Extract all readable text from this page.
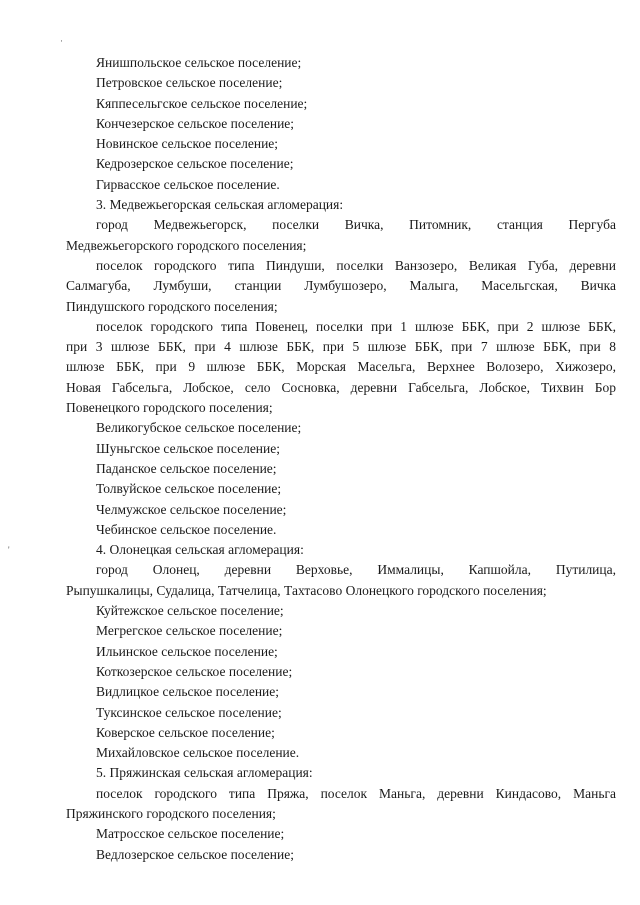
·
'
Янишпольское сельское поселение;
Петровское сельское поселение;
Кяппесельгское сельское поселение;
Кончезерское сельское поселение;
Новинское сельское поселение;
Кедрозерское сельское поселение;
Гирвасское сельское поселение.
3. Медвежьегорская сельская агломерация:
город Медвежьегорск, поселки Вичка, Питомник, станция Пергуба
Медвежьегорского городского поселения;
поселок городского типа Пиндуши, поселки Ванзозеро, Великая Губа, деревни
Салмагуба, Лумбуши, станции Лумбушозеро, Малыга, Масельгская, Вичка
Пиндушского городского поселения;
поселок городского типа Повенец, поселки при 1 шлюзе ББК, при 2 шлюзе ББК,
при 3 шлюзе ББК, при 4 шлюзе ББК, при 5 шлюзе ББК, при 7 шлюзе ББК, при 8
шлюзе ББК, при 9 шлюзе ББК, Морская Масельга, Верхнее Волозеро, Хижозеро,
Новая Габсельга, Лобское, село Сосновка, деревни Габсельга, Лобское, Тихвин Бор
Повенецкого городского поселения;
Великогубское сельское поселение;
Шуньгское сельское поселение;
Паданское сельское поселение;
Толвуйское сельское поселение;
Челмужское сельское поселение;
Чебинское сельское поселение.
4. Олонецкая сельская агломерация:
город Олонец, деревни Верховье, Иммалицы, Капшойла, Путилица,
Рыпушкалицы, Судалица, Татчелица, Тахтасово Олонецкого городского поселения;
Куйтежское сельское поселение;
Мегрегское сельское поселение;
Ильинское сельское поселение;
Коткозерское сельское поселение;
Видлицкое сельское поселение;
Туксинское сельское поселение;
Коверское сельское поселение;
Михайловское сельское поселение.
5. Пряжинская сельская агломерация:
поселок городского типа Пряжа, поселок Маньга, деревни Киндасово, Маньга
Пряжинского городского поселения;
Матросское сельское поселение;
Ведлозерское сельское поселение;
